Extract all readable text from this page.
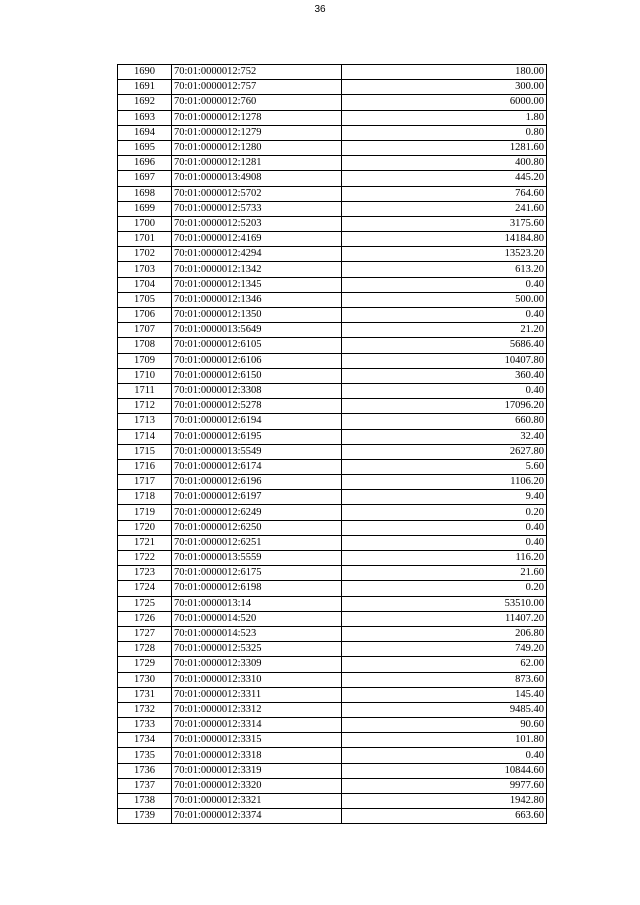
36
1690	70:01:0000012:752	180.00
1691	70:01:0000012:757	300.00
1692	70:01:0000012:760	6000.00
1693	70:01:0000012:1278	1.80
1694	70:01:0000012:1279	0.80
1695	70:01:0000012:1280	1281.60
1696	70:01:0000012:1281	400.80
1697	70:01:0000013:4908	445.20
1698	70:01:0000012:5702	764.60
1699	70:01:0000012:5733	241.60
1700	70:01:0000012:5203	3175.60
1701	70:01:0000012:4169	14184.80
1702	70:01:0000012:4294	13523.20
1703	70:01:0000012:1342	613.20
1704	70:01:0000012:1345	0.40
1705	70:01:0000012:1346	500.00
1706	70:01:0000012:1350	0.40
1707	70:01:0000013:5649	21.20
1708	70:01:0000012:6105	5686.40
1709	70:01:0000012:6106	10407.80
1710	70:01:0000012:6150	360.40
1711	70:01:0000012:3308	0.40
1712	70:01:0000012:5278	17096.20
1713	70:01:0000012:6194	660.80
1714	70:01:0000012:6195	32.40
1715	70:01:0000013:5549	2627.80
1716	70:01:0000012:6174	5.60
1717	70:01:0000012:6196	1106.20
1718	70:01:0000012:6197	9.40
1719	70:01:0000012:6249	0.20
1720	70:01:0000012:6250	0.40
1721	70:01:0000012:6251	0.40
1722	70:01:0000013:5559	116.20
1723	70:01:0000012:6175	21.60
1724	70:01:0000012:6198	0.20
1725	70:01:0000013:14	53510.00
1726	70:01:0000014:520	11407.20
1727	70:01:0000014:523	206.80
1728	70:01:0000012:5325	749.20
1729	70:01:0000012:3309	62.00
1730	70:01:0000012:3310	873.60
1731	70:01:0000012:3311	145.40
1732	70:01:0000012:3312	9485.40
1733	70:01:0000012:3314	90.60
1734	70:01:0000012:3315	101.80
1735	70:01:0000012:3318	0.40
1736	70:01:0000012:3319	10844.60
1737	70:01:0000012:3320	9977.60
1738	70:01:0000012:3321	1942.80
1739	70:01:0000012:3374	663.60
